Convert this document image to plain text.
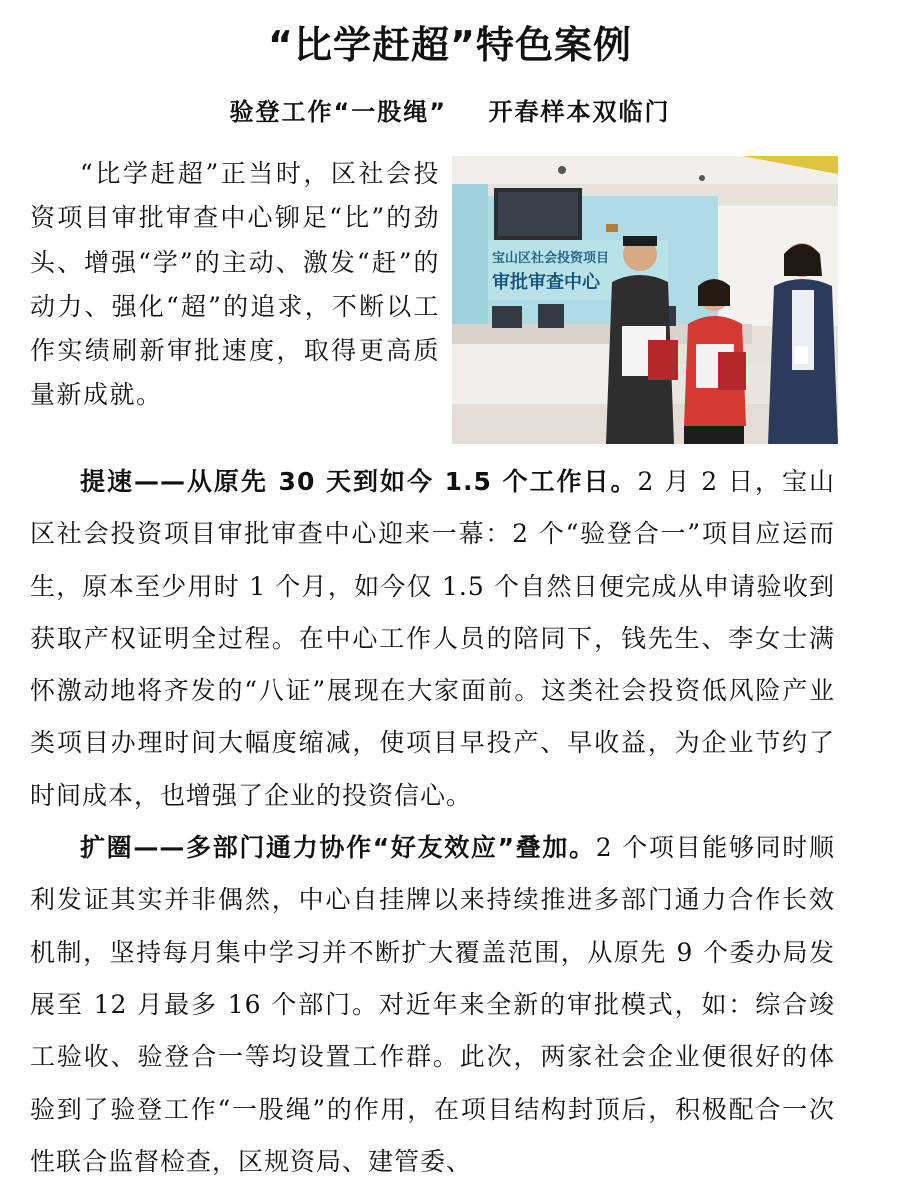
“比学赶超”特色案例
验登工作“一股绳”    开春样本双临门
“比学赶超”正当时，区社会投资项目审批审查中心铆足“比”的劲头、增强“学”的主动、激发“赶”的动力、强化“超”的追求，不断以工作实绩刷新审批速度，取得更高质量新成就。
宝山区社会投资项目
审批审查中心

提速——从原先 30 天到如今 1.5 个工作日。2 月 2 日，宝山区社会投资项目审批审查中心迎来一幕：2 个“验登合一”项目应运而生，原本至少用时 1 个月，如今仅 1.5 个自然日便完成从申请验收到获取产权证明全过程。在中心工作人员的陪同下，钱先生、李女士满怀激动地将齐发的“八证”展现在大家面前。这类社会投资低风险产业类项目办理时间大幅度缩减，使项目早投产、早收益，为企业节约了时间成本，也增强了企业的投资信心。

扩圈——多部门通力协作“好友效应”叠加。2 个项目能够同时顺利发证其实并非偶然，中心自挂牌以来持续推进多部门通力合作长效机制，坚持每月集中学习并不断扩大覆盖范围，从原先 9 个委办局发展至 12 月最多 16 个部门。对近年来全新的审批模式，如：综合竣工验收、验登合一等均设置工作群。此次，两家社会企业便很好的体验到了验登工作“一股绳”的作用，在项目结构封顶后，积极配合一次性联合监督检查，区规资局、建管委、
